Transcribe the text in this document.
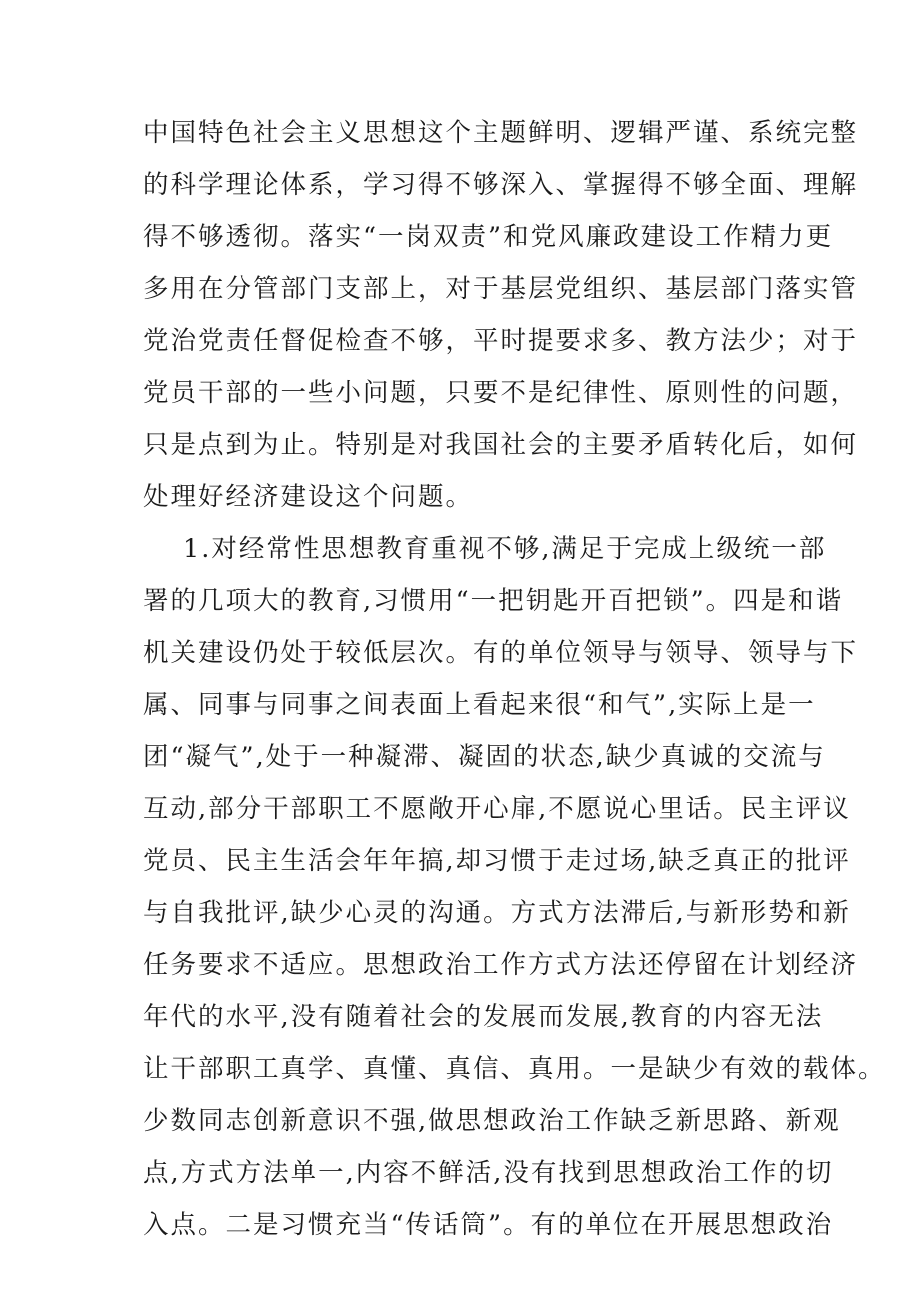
中国特色社会主义思想这个主题鲜明、逻辑严谨、系统完整
的科学理论体系，学习得不够深入、掌握得不够全面、理解
得不够透彻。落实“一岗双责”和党风廉政建设工作精力更
多用在分管部门支部上，对于基层党组织、基层部门落实管
党治党责任督促检查不够，平时提要求多、教方法少；对于
党员干部的一些小问题，只要不是纪律性、原则性的问题，
只是点到为止。特别是对我国社会的主要矛盾转化后，如何
处理好经济建设这个问题。
1.对经常性思想教育重视不够,满足于完成上级统一部
署的几项大的教育,习惯用“一把钥匙开百把锁”。四是和谐
机关建设仍处于较低层次。有的单位领导与领导、领导与下
属、同事与同事之间表面上看起来很“和气”,实际上是一
团“凝气”,处于一种凝滞、凝固的状态,缺少真诚的交流与
互动,部分干部职工不愿敞开心扉,不愿说心里话。民主评议
党员、民主生活会年年搞,却习惯于走过场,缺乏真正的批评
与自我批评,缺少心灵的沟通。方式方法滞后,与新形势和新
任务要求不适应。思想政治工作方式方法还停留在计划经济
年代的水平,没有随着社会的发展而发展,教育的内容无法
让干部职工真学、真懂、真信、真用。一是缺少有效的载体。
少数同志创新意识不强,做思想政治工作缺乏新思路、新观
点,方式方法单一,内容不鲜活,没有找到思想政治工作的切
入点。二是习惯充当“传话筒”。有的单位在开展思想政治
